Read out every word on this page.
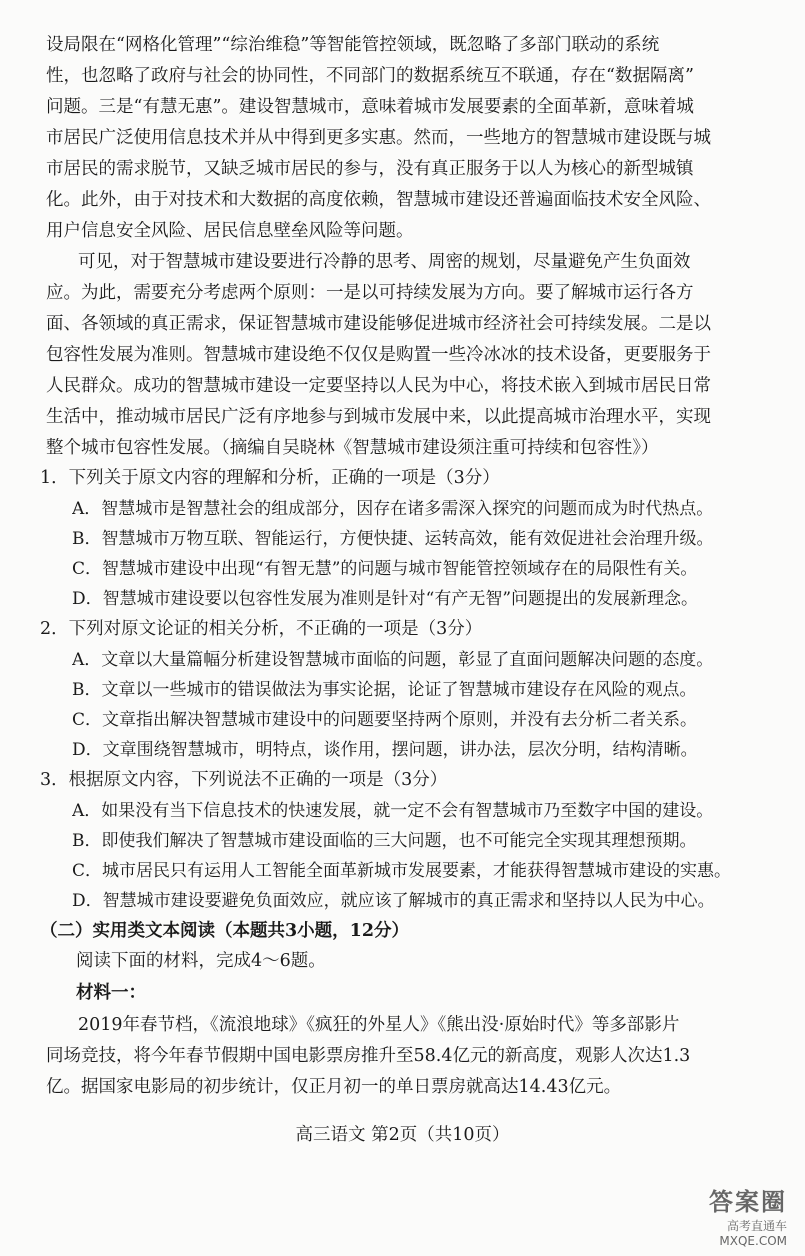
设局限在“网格化管理”“综治维稳”等智能管控领域，既忽略了多部门联动的系统
性，也忽略了政府与社会的协同性，不同部门的数据系统互不联通，存在“数据隔离”
问题。三是“有慧无惠”。建设智慧城市，意味着城市发展要素的全面革新，意味着城
市居民广泛使用信息技术并从中得到更多实惠。然而，一些地方的智慧城市建设既与城
市居民的需求脱节，又缺乏城市居民的参与，没有真正服务于以人为核心的新型城镇
化。此外，由于对技术和大数据的高度依赖，智慧城市建设还普遍面临技术安全风险、
用户信息安全风险、居民信息壁垒风险等问题。
可见，对于智慧城市建设要进行冷静的思考、周密的规划，尽量避免产生负面效
应。为此，需要充分考虑两个原则：一是以可持续发展为方向。要了解城市运行各方
面、各领域的真正需求，保证智慧城市建设能够促进城市经济社会可持续发展。二是以
包容性发展为准则。智慧城市建设绝不仅仅是购置一些冷冰冰的技术设备，更要服务于
人民群众。成功的智慧城市建设一定要坚持以人民为中心，将技术嵌入到城市居民日常
生活中，推动城市居民广泛有序地参与到城市发展中来，以此提高城市治理水平，实现
整个城市包容性发展。（摘编自吴晓林《智慧城市建设须注重可持续和包容性》）
1．下列关于原文内容的理解和分析，正确的一项是（3分）
A．智慧城市是智慧社会的组成部分，因存在诸多需深入探究的问题而成为时代热点。
B．智慧城市万物互联、智能运行，方便快捷、运转高效，能有效促进社会治理升级。
C．智慧城市建设中出现“有智无慧”的问题与城市智能管控领域存在的局限性有关。
D．智慧城市建设要以包容性发展为准则是针对“有产无智”问题提出的发展新理念。
2．下列对原文论证的相关分析，不正确的一项是（3分）
A．文章以大量篇幅分析建设智慧城市面临的问题，彰显了直面问题解决问题的态度。
B．文章以一些城市的错误做法为事实论据，论证了智慧城市建设存在风险的观点。
C．文章指出解决智慧城市建设中的问题要坚持两个原则，并没有去分析二者关系。
D．文章围绕智慧城市，明特点，谈作用，摆问题，讲办法，层次分明，结构清晰。
3．根据原文内容，下列说法不正确的一项是（3分）
A．如果没有当下信息技术的快速发展，就一定不会有智慧城市乃至数字中国的建设。
B．即使我们解决了智慧城市建设面临的三大问题，也不可能完全实现其理想预期。
C．城市居民只有运用人工智能全面革新城市发展要素，才能获得智慧城市建设的实惠。
D．智慧城市建设要避免负面效应，就应该了解城市的真正需求和坚持以人民为中心。
（二）实用类文本阅读（本题共3小题，12分）
阅读下面的材料，完成4～6题。
材料一：
2019年春节档，《流浪地球》《疯狂的外星人》《熊出没·原始时代》等多部影片
同场竞技，将今年春节假期中国电影票房推升至58.4亿元的新高度，观影人次达1.3
亿。据国家电影局的初步统计，仅正月初一的单日票房就高达14.43亿元。
高三语文 第2页（共10页）
答案圈
高考直通车
MXQE.COM
